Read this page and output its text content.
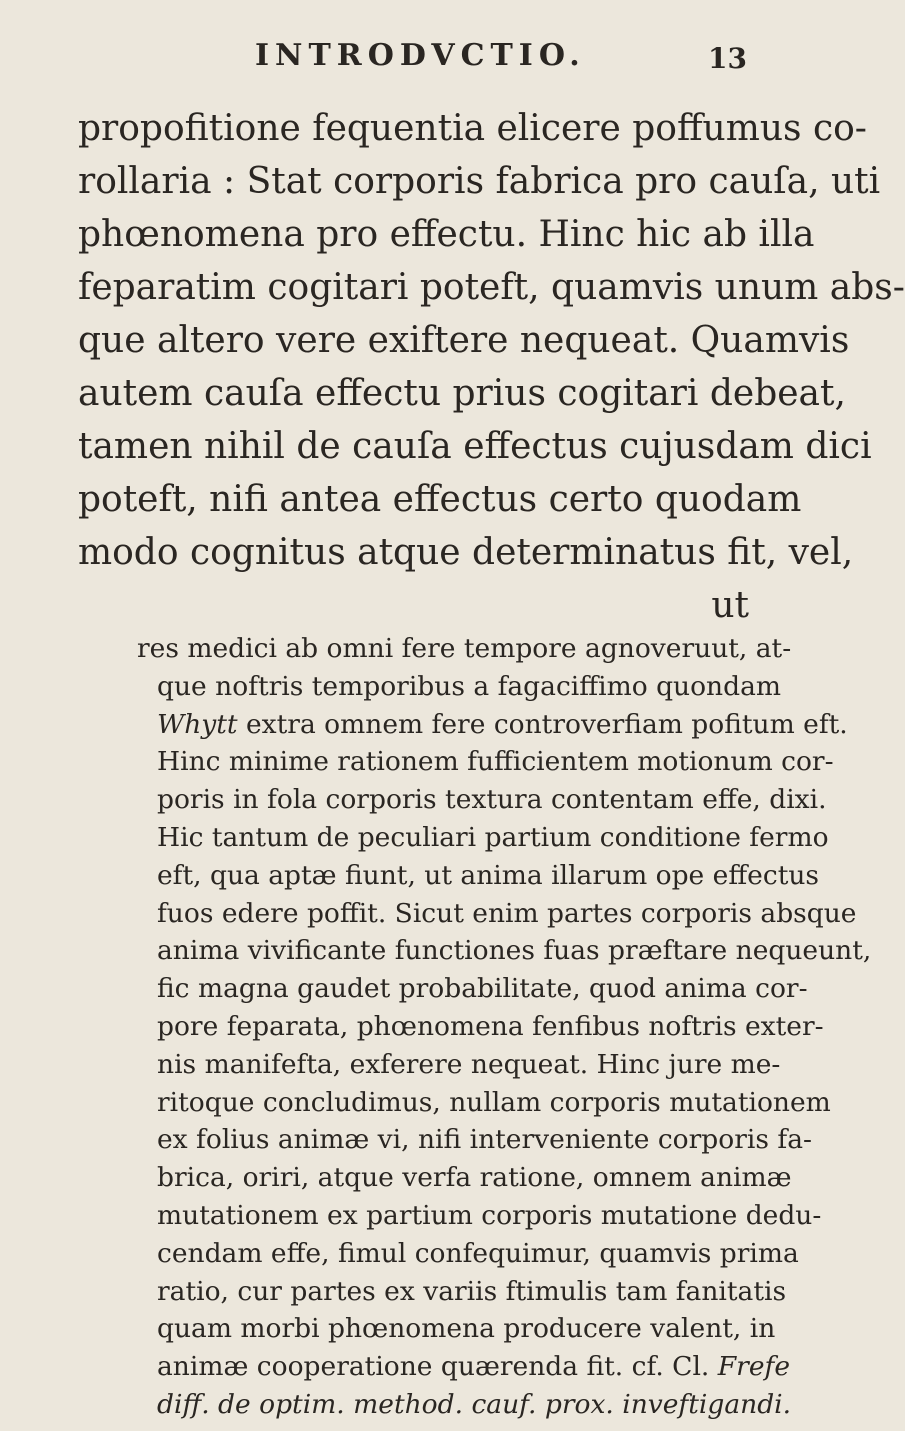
INTRODVCTIO.	13
propofitione fequentia elicere poffumus co-
rollaria : Stat corporis fabrica pro cauſa, uti
phœnomena pro effectu. Hinc hic ab illa
feparatim cogitari poteft, quamvis unum abs-
que altero vere exiftere nequeat. Quamvis
autem cauſa effectu prius cogitari debeat,
tamen nihil de cauſa effectus cujusdam dici
poteft, nifi antea effectus certo quodam
modo cognitus atque determinatus fit, vel,
ut
res medici ab omni fere tempore agnoveruut, at-
que noftris temporibus a fagaciffimo quondam
Whytt extra omnem fere controverfiam pofitum eft.
Hinc minime rationem fufficientem motionum cor-
poris in fola corporis textura contentam effe, dixi.
Hic tantum de peculiari partium conditione fermo
eft, qua aptæ fiunt, ut anima illarum ope effectus
fuos edere poffit. Sicut enim partes corporis absque
anima vivificante functiones fuas præftare nequeunt,
fic magna gaudet probabilitate, quod anima cor-
pore feparata, phœnomena fenfibus noftris exter-
nis manifefta, exferere nequeat. Hinc jure me-
ritoque concludimus, nullam corporis mutationem
ex folius animæ vi, nifi interveniente corporis fa-
brica, oriri, atque verfa ratione, omnem animæ
mutationem ex partium corporis mutatione dedu-
cendam effe, fimul confequimur, quamvis prima
ratio, cur partes ex variis ftimulis tam fanitatis
quam morbi phœnomena producere valent, in
animæ cooperatione quærenda fit. cf. Cl. Frefe
diff. de optim. method. cauf. prox. inveftigandi.
